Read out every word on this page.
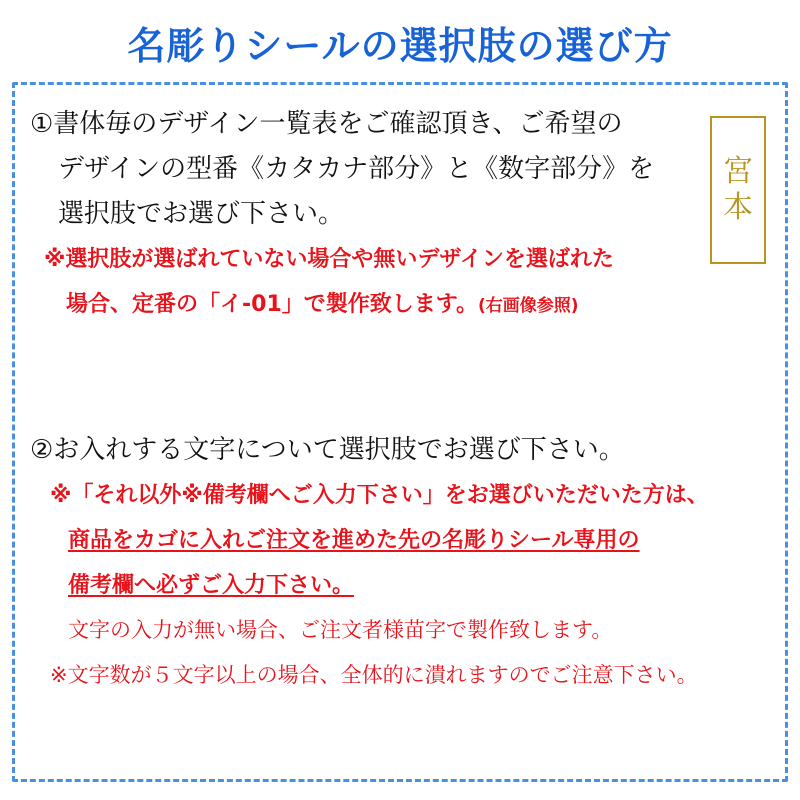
名彫りシールの選択肢の選び方
①書体毎のデザイン一覧表をご確認頂き、ご希望の
デザインの型番《カタカナ部分》と《数字部分》を
選択肢でお選び下さい。
※選択肢が選ばれていない場合や無いデザインを選ばれた
場合、定番の「イ-01」で製作致します。(右画像参照)
②お入れする文字について選択肢でお選び下さい。
※「それ以外※備考欄へご入力下さい」をお選びいただいた方は、
商品をカゴに入れご注文を進めた先の名彫りシール専用の
備考欄へ必ずご入力下さい。
文字の入力が無い場合、ご注文者様苗字で製作致します。
※文字数が５文字以上の場合、全体的に潰れますのでご注意下さい。
宮
本
